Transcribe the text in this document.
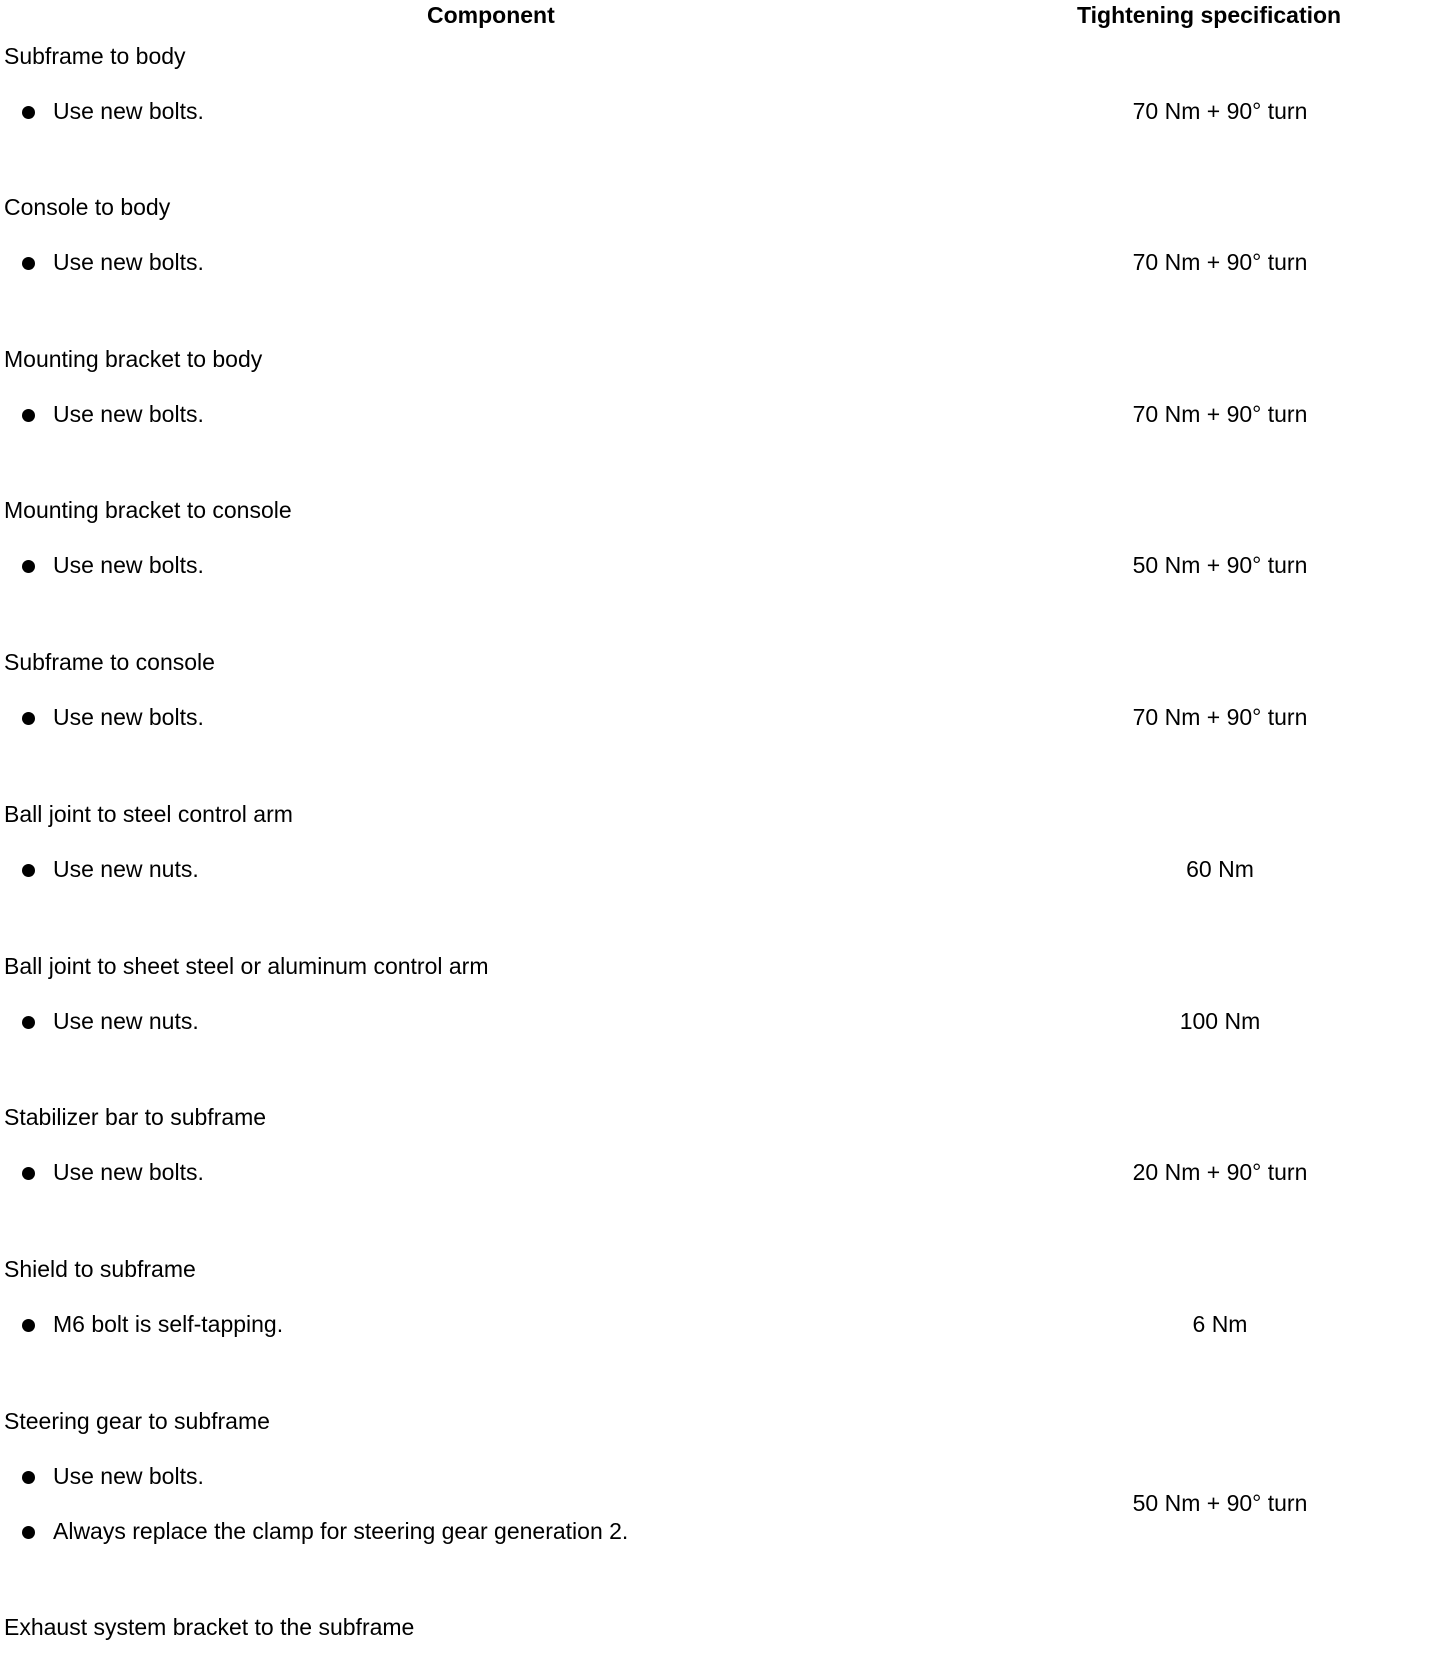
Component	Tightening specification
Subframe to body
Use new bolts.	70 Nm + 90° turn
Console to body
Use new bolts.	70 Nm + 90° turn
Mounting bracket to body
Use new bolts.	70 Nm + 90° turn
Mounting bracket to console
Use new bolts.	50 Nm + 90° turn
Subframe to console
Use new bolts.	70 Nm + 90° turn
Ball joint to steel control arm
Use new nuts.	60 Nm
Ball joint to sheet steel or aluminum control arm
Use new nuts.	100 Nm
Stabilizer bar to subframe
Use new bolts.	20 Nm + 90° turn
Shield to subframe
M6 bolt is self-tapping.	6 Nm
Steering gear to subframe
Use new bolts.
Always replace the clamp for steering gear generation 2.
50 Nm + 90° turn
Exhaust system bracket to the subframe
